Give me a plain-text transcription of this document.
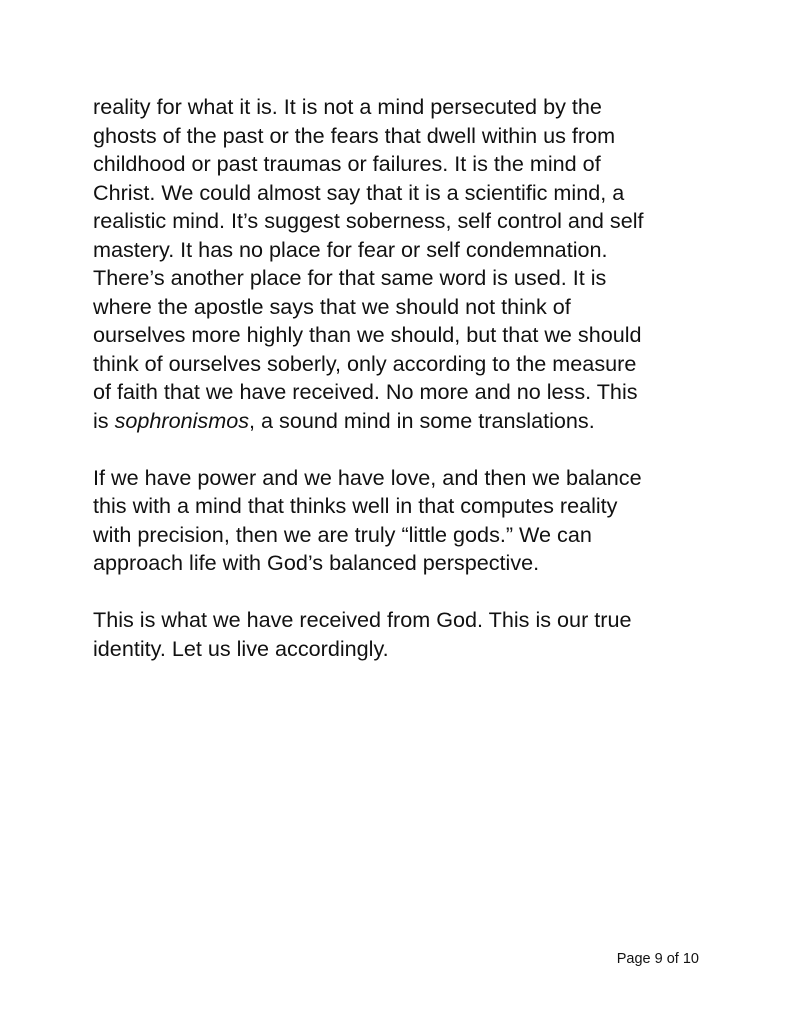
reality for what it is. It is not a mind persecuted by the
ghosts of the past or the fears that dwell within us from
childhood or past traumas or failures. It is the mind of
Christ. We could almost say that it is a scientific mind, a
realistic mind. It’s suggest soberness, self control and self
mastery. It has no place for fear or self condemnation.
There’s another place for that same word is used. It is
where the apostle says that we should not think of
ourselves more highly than we should, but that we should
think of ourselves soberly, only according to the measure
of faith that we have received. No more and no less. This
is sophronismos, a sound mind in some translations.

If we have power and we have love, and then we balance
this with a mind that thinks well in that computes reality
with precision, then we are truly “little gods.” We can
approach life with God’s balanced perspective.

This is what we have received from God. This is our true
identity. Let us live accordingly.

Page 9 of 10
